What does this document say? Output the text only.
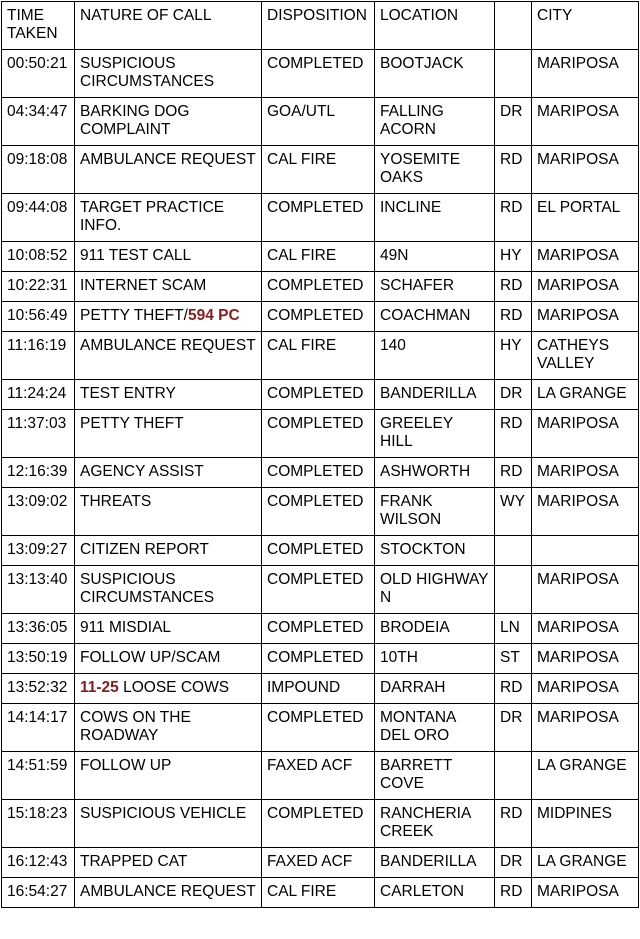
TIME TAKEN	NATURE OF CALL	DISPOSITION	LOCATION		CITY
00:50:21	SUSPICIOUS CIRCUMSTANCES	COMPLETED	BOOTJACK		MARIPOSA
04:34:47	BARKING DOG COMPLAINT	GOA/UTL	FALLING ACORN	DR	MARIPOSA
09:18:08	AMBULANCE REQUEST	CAL FIRE	YOSEMITE OAKS	RD	MARIPOSA
09:44:08	TARGET PRACTICE INFO.	COMPLETED	INCLINE	RD	EL PORTAL
10:08:52	911 TEST CALL	CAL FIRE	49N	HY	MARIPOSA
10:22:31	INTERNET SCAM	COMPLETED	SCHAFER	RD	MARIPOSA
10:56:49	PETTY THEFT/594 PC	COMPLETED	COACHMAN	RD	MARIPOSA
11:16:19	AMBULANCE REQUEST	CAL FIRE	140	HY	CATHEYS VALLEY
11:24:24	TEST ENTRY	COMPLETED	BANDERILLA	DR	LA GRANGE
11:37:03	PETTY THEFT	COMPLETED	GREELEY HILL	RD	MARIPOSA
12:16:39	AGENCY ASSIST	COMPLETED	ASHWORTH	RD	MARIPOSA
13:09:02	THREATS	COMPLETED	FRANK WILSON	WY	MARIPOSA
13:09:27	CITIZEN REPORT	COMPLETED	STOCKTON		
13:13:40	SUSPICIOUS CIRCUMSTANCES	COMPLETED	OLD HIGHWAY N		MARIPOSA
13:36:05	911 MISDIAL	COMPLETED	BRODEIA	LN	MARIPOSA
13:50:19	FOLLOW UP/SCAM	COMPLETED	10TH	ST	MARIPOSA
13:52:32	11-25 LOOSE COWS	IMPOUND	DARRAH	RD	MARIPOSA
14:14:17	COWS ON THE ROADWAY	COMPLETED	MONTANA DEL ORO	DR	MARIPOSA
14:51:59	FOLLOW UP	FAXED ACF	BARRETT COVE		LA GRANGE
15:18:23	SUSPICIOUS VEHICLE	COMPLETED	RANCHERIA CREEK	RD	MIDPINES
16:12:43	TRAPPED CAT	FAXED ACF	BANDERILLA	DR	LA GRANGE
16:54:27	AMBULANCE REQUEST	CAL FIRE	CARLETON	RD	MARIPOSA
